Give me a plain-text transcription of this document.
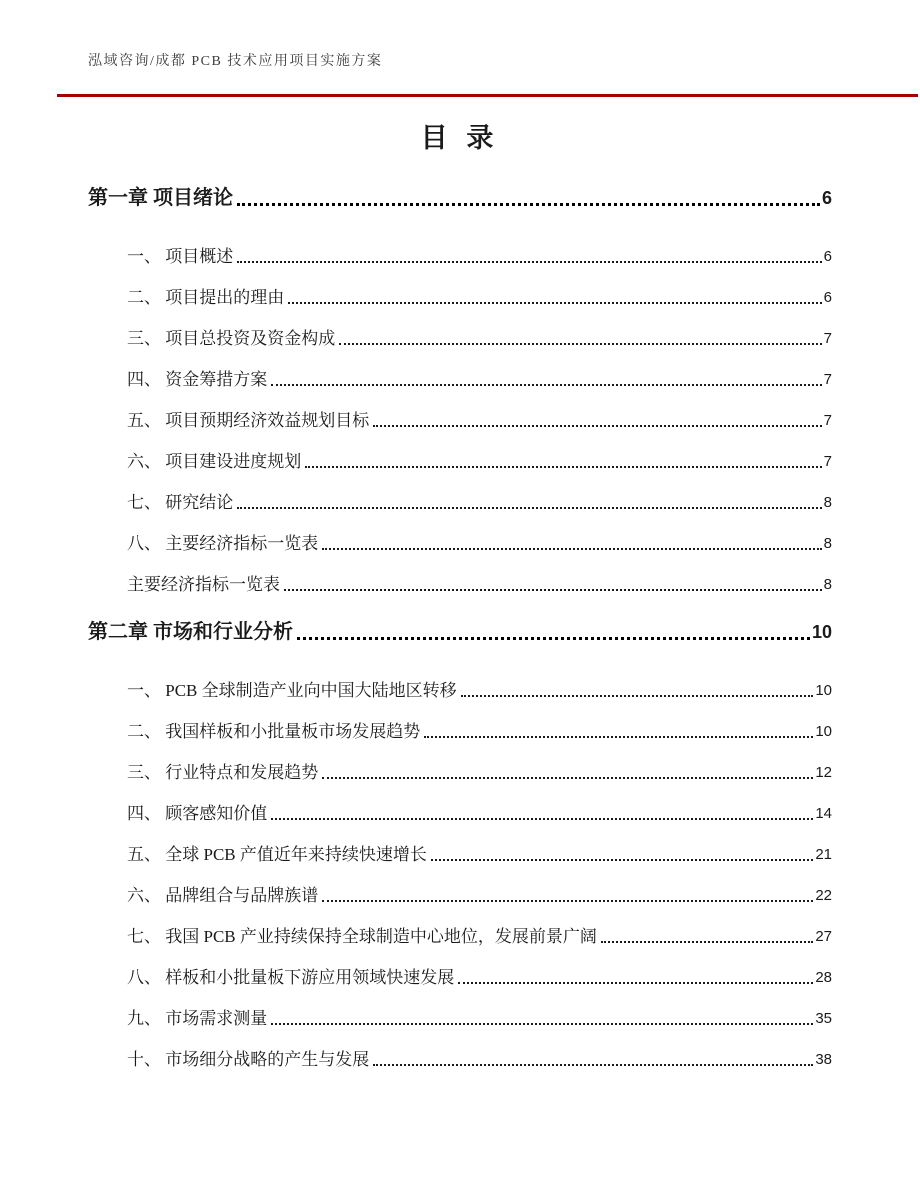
泓域咨询/成都 PCB 技术应用项目实施方案
目 录
第一章 项目绪论	6
一、 项目概述	6
二、 项目提出的理由	6
三、 项目总投资及资金构成	7
四、 资金筹措方案	7
五、 项目预期经济效益规划目标	7
六、 项目建设进度规划	7
七、 研究结论	8
八、 主要经济指标一览表	8
主要经济指标一览表	8
第二章 市场和行业分析	10
一、 PCB 全球制造产业向中国大陆地区转移	10
二、 我国样板和小批量板市场发展趋势	10
三、 行业特点和发展趋势	12
四、 顾客感知价值	14
五、 全球 PCB 产值近年来持续快速增长	21
六、 品牌组合与品牌族谱	22
七、 我国 PCB 产业持续保持全球制造中心地位，发展前景广阔	27
八、 样板和小批量板下游应用领域快速发展	28
九、 市场需求测量	35
十、 市场细分战略的产生与发展	38
